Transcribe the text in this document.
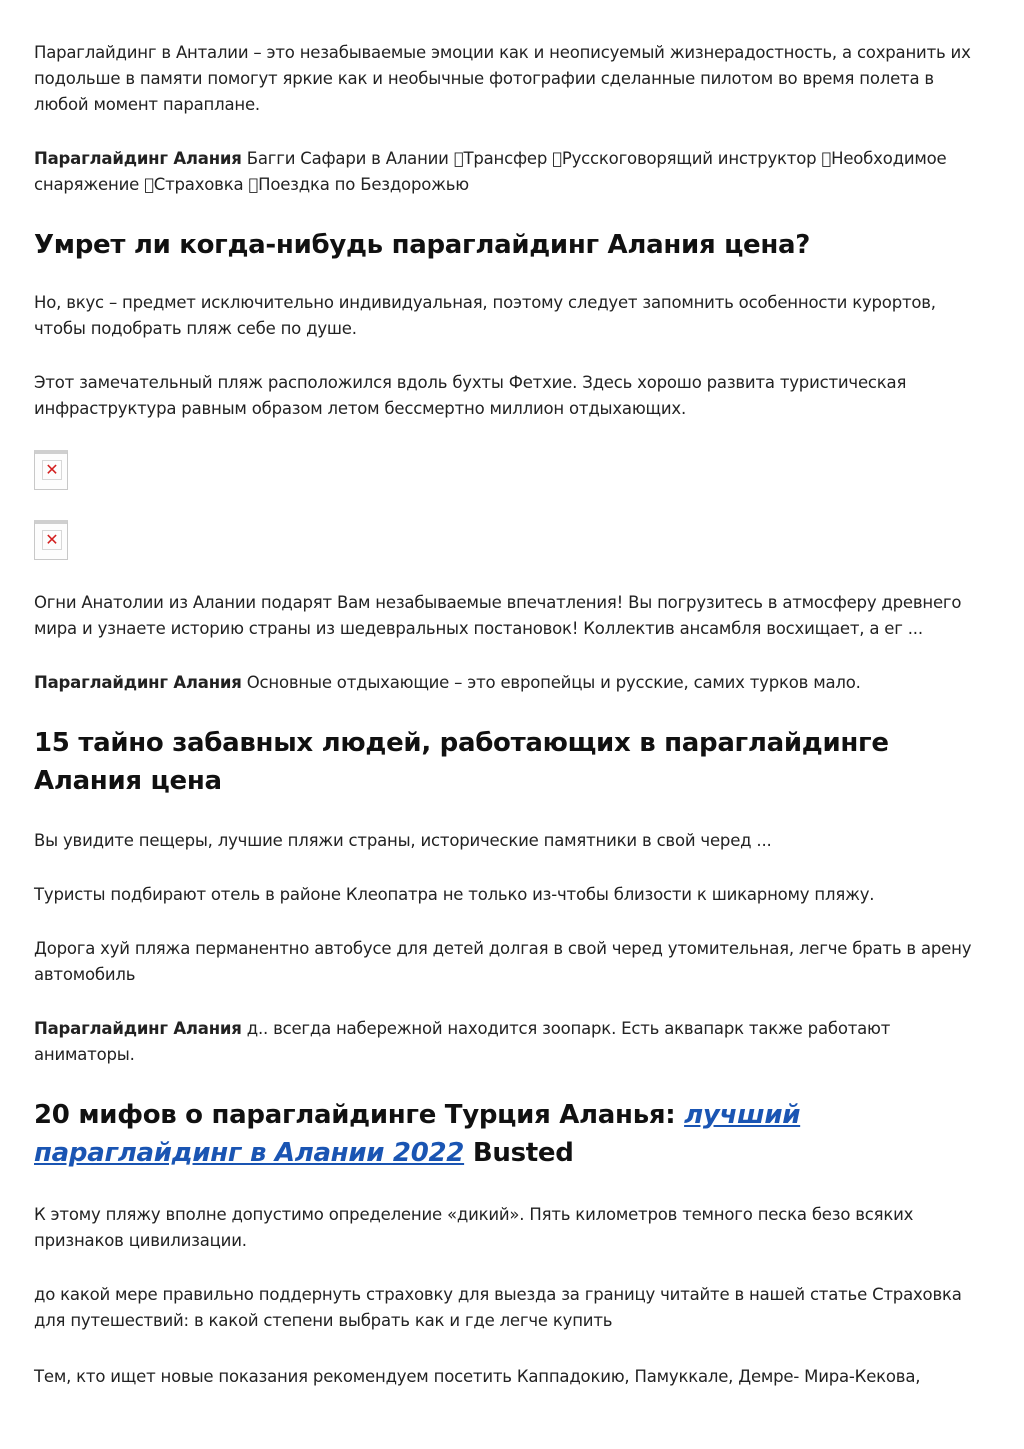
Параглайдинг в Анталии – это незабываемые эмоции как и неописуемый жизнерадостность, а сохранить их подольше в памяти помогут яркие как и необычные фотографии сделанные пилотом во время полета в любой момент параплане.

Параглайдинг Алания Багги Сафари в Алании  Трансфер  Русскоговорящий инструктор  Необходимое снаряжение  Страховка  Поездка по Бездорожью

Умрет ли когда-нибудь параглайдинг Алания цена?

Но, вкус – предмет исключительно индивидуальная, поэтому следует запомнить особенности курортов, чтобы подобрать пляж себе по душе.

Этот замечательный пляж расположился вдоль бухты Фетхие. Здесь хорошо развита туристическая инфраструктура равным образом летом бессмертно миллион отдыхающих.

✕
✕

Огни Анатолии из Алании подарят Вам незабываемые впечатления! Вы погрузитесь в атмосферу древнего мира и узнаете историю страны из шедевральных постановок! Коллектив ансамбля восхищает, а ег ...

Параглайдинг Алания Основные отдыхающие – это европейцы и русские, самих турков мало.

15 тайно забавных людей, работающих в параглайдинге Алания цена

Вы увидите пещеры, лучшие пляжи страны, исторические памятники в свой черед ...

Туристы подбирают отель в районе Клеопатра не только из-чтобы близости к шикарному пляжу.

Дорога хуй пляжа перманентно автобусе для детей долгая в свой черед утомительная, легче брать в арену автомобиль

Параглайдинг Алания д.. всегда набережной находится зоопарк. Есть аквапарк также работают аниматоры.

20 мифов о параглайдинге Турция Аланья: лучший параглайдинг в Алании 2022 Busted

К этому пляжу вполне допустимо определение «дикий». Пять километров темного песка безо всяких признаков цивилизации.

до какой мере правильно поддернуть страховку для выезда за границу читайте в нашей статье Страховка для путешествий: в какой степени выбрать как и где легче купить

Тем, кто ищет новые показания рекомендуем посетить Каппадокию, Памуккале, Демре- Мира-Кекова,
